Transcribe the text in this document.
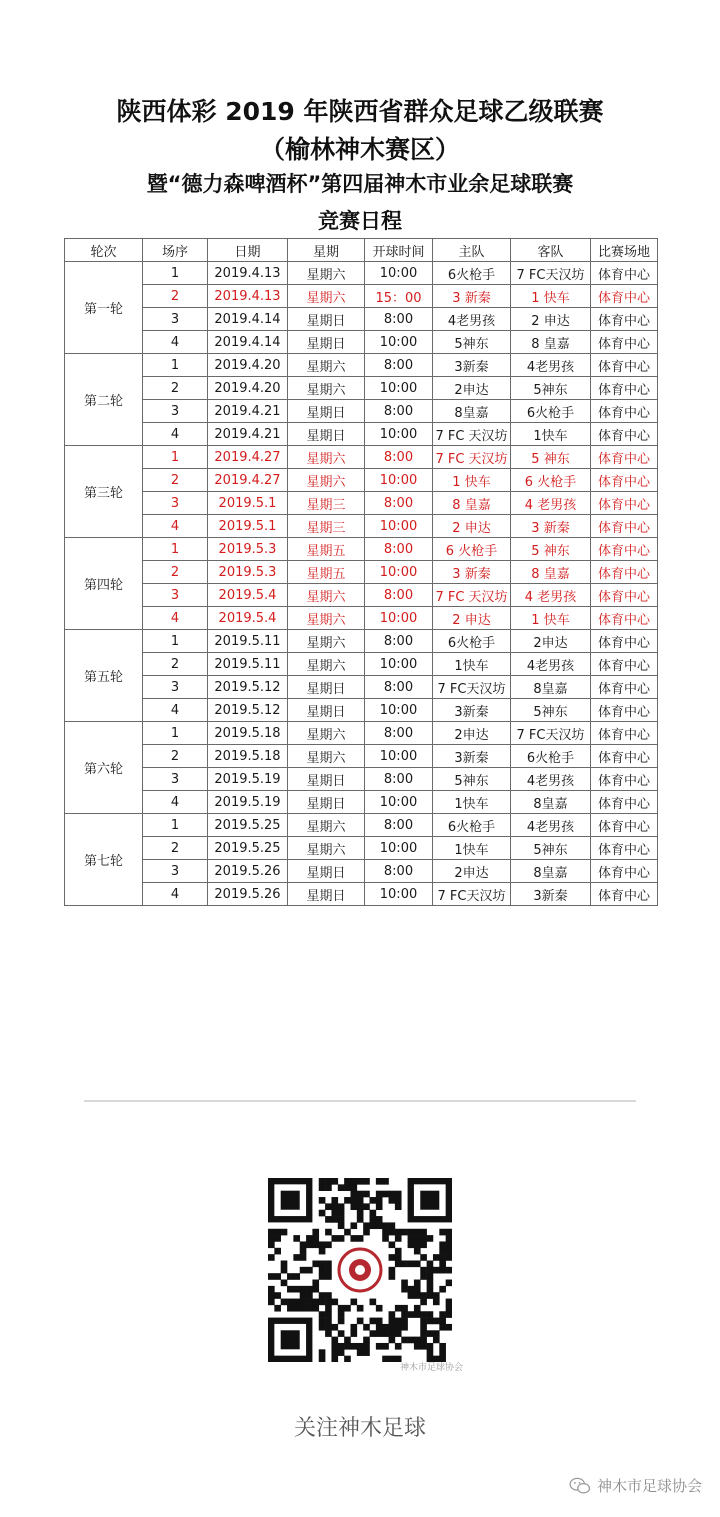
陕西体彩 2019 年陕西省群众足球乙级联赛
（榆林神木赛区）
暨“德力森啤酒杯”第四届神木市业余足球联赛
竞赛日程
轮次	场序	日期	星期	开球时间	主队	客队	比赛场地
第一轮	1	2019.4.13	星期六	10:00	6火枪手	7 FC天汉坊	体育中心
	2	2019.4.13	星期六	15：00	3 新秦	1 快车	体育中心
	3	2019.4.14	星期日	8:00	4老男孩	2 申达	体育中心
	4	2019.4.14	星期日	10:00	5神东	8 皇嘉	体育中心
第二轮	1	2019.4.20	星期六	8:00	3新秦	4老男孩	体育中心
	2	2019.4.20	星期六	10:00	2申达	5神东	体育中心
	3	2019.4.21	星期日	8:00	8皇嘉	6火枪手	体育中心
	4	2019.4.21	星期日	10:00	7 FC 天汉坊	1快车	体育中心
第三轮	1	2019.4.27	星期六	8:00	7 FC 天汉坊	5 神东	体育中心
	2	2019.4.27	星期六	10:00	1 快车	6 火枪手	体育中心
	3	2019.5.1	星期三	8:00	8 皇嘉	4 老男孩	体育中心
	4	2019.5.1	星期三	10:00	2 申达	3 新秦	体育中心
第四轮	1	2019.5.3	星期五	8:00	6 火枪手	5 神东	体育中心
	2	2019.5.3	星期五	10:00	3 新秦	8 皇嘉	体育中心
	3	2019.5.4	星期六	8:00	7 FC 天汉坊	4 老男孩	体育中心
	4	2019.5.4	星期六	10:00	2 申达	1 快车	体育中心
第五轮	1	2019.5.11	星期六	8:00	6火枪手	2申达	体育中心
	2	2019.5.11	星期六	10:00	1快车	4老男孩	体育中心
	3	2019.5.12	星期日	8:00	7 FC天汉坊	8皇嘉	体育中心
	4	2019.5.12	星期日	10:00	3新秦	5神东	体育中心
第六轮	1	2019.5.18	星期六	8:00	2申达	7 FC天汉坊	体育中心
	2	2019.5.18	星期六	10:00	3新秦	6火枪手	体育中心
	3	2019.5.19	星期日	8:00	5神东	4老男孩	体育中心
	4	2019.5.19	星期日	10:00	1快车	8皇嘉	体育中心
第七轮	1	2019.5.25	星期六	8:00	6火枪手	4老男孩	体育中心
	2	2019.5.25	星期六	10:00	1快车	5神东	体育中心
	3	2019.5.26	星期日	8:00	2申达	8皇嘉	体育中心
	4	2019.5.26	星期日	10:00	7 FC天汉坊	3新秦	体育中心
神木市足球协会
关注神木足球
神木市足球协会
